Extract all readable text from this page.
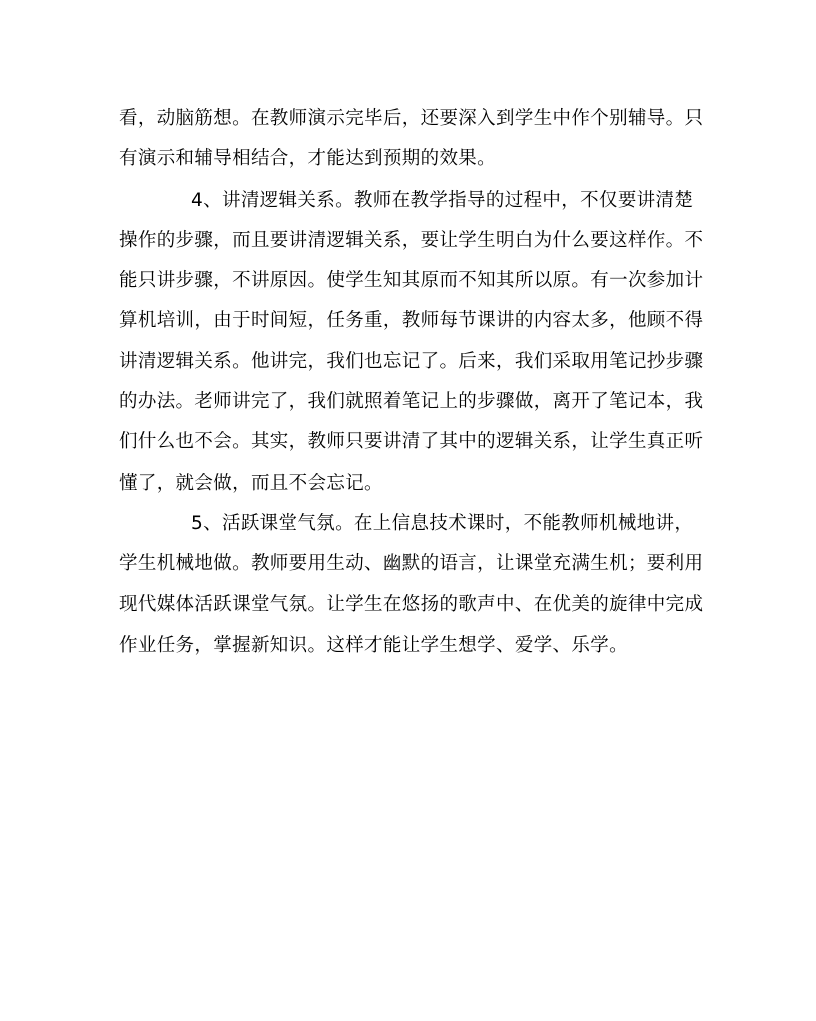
看，动脑筋想。在教师演示完毕后，还要深入到学生中作个别辅导。只
有演示和辅导相结合，才能达到预期的效果。
4、讲清逻辑关系。教师在教学指导的过程中，不仅要讲清楚
操作的步骤，而且要讲清逻辑关系，要让学生明白为什么要这样作。不
能只讲步骤，不讲原因。使学生知其原而不知其所以原。有一次参加计
算机培训，由于时间短，任务重，教师每节课讲的内容太多，他顾不得
讲清逻辑关系。他讲完，我们也忘记了。后来，我们采取用笔记抄步骤
的办法。老师讲完了，我们就照着笔记上的步骤做，离开了笔记本，我
们什么也不会。其实，教师只要讲清了其中的逻辑关系，让学生真正听
懂了，就会做，而且不会忘记。
5、活跃课堂气氛。在上信息技术课时，不能教师机械地讲，
学生机械地做。教师要用生动、幽默的语言，让课堂充满生机；要利用
现代媒体活跃课堂气氛。让学生在悠扬的歌声中、在优美的旋律中完成
作业任务，掌握新知识。这样才能让学生想学、爱学、乐学。
